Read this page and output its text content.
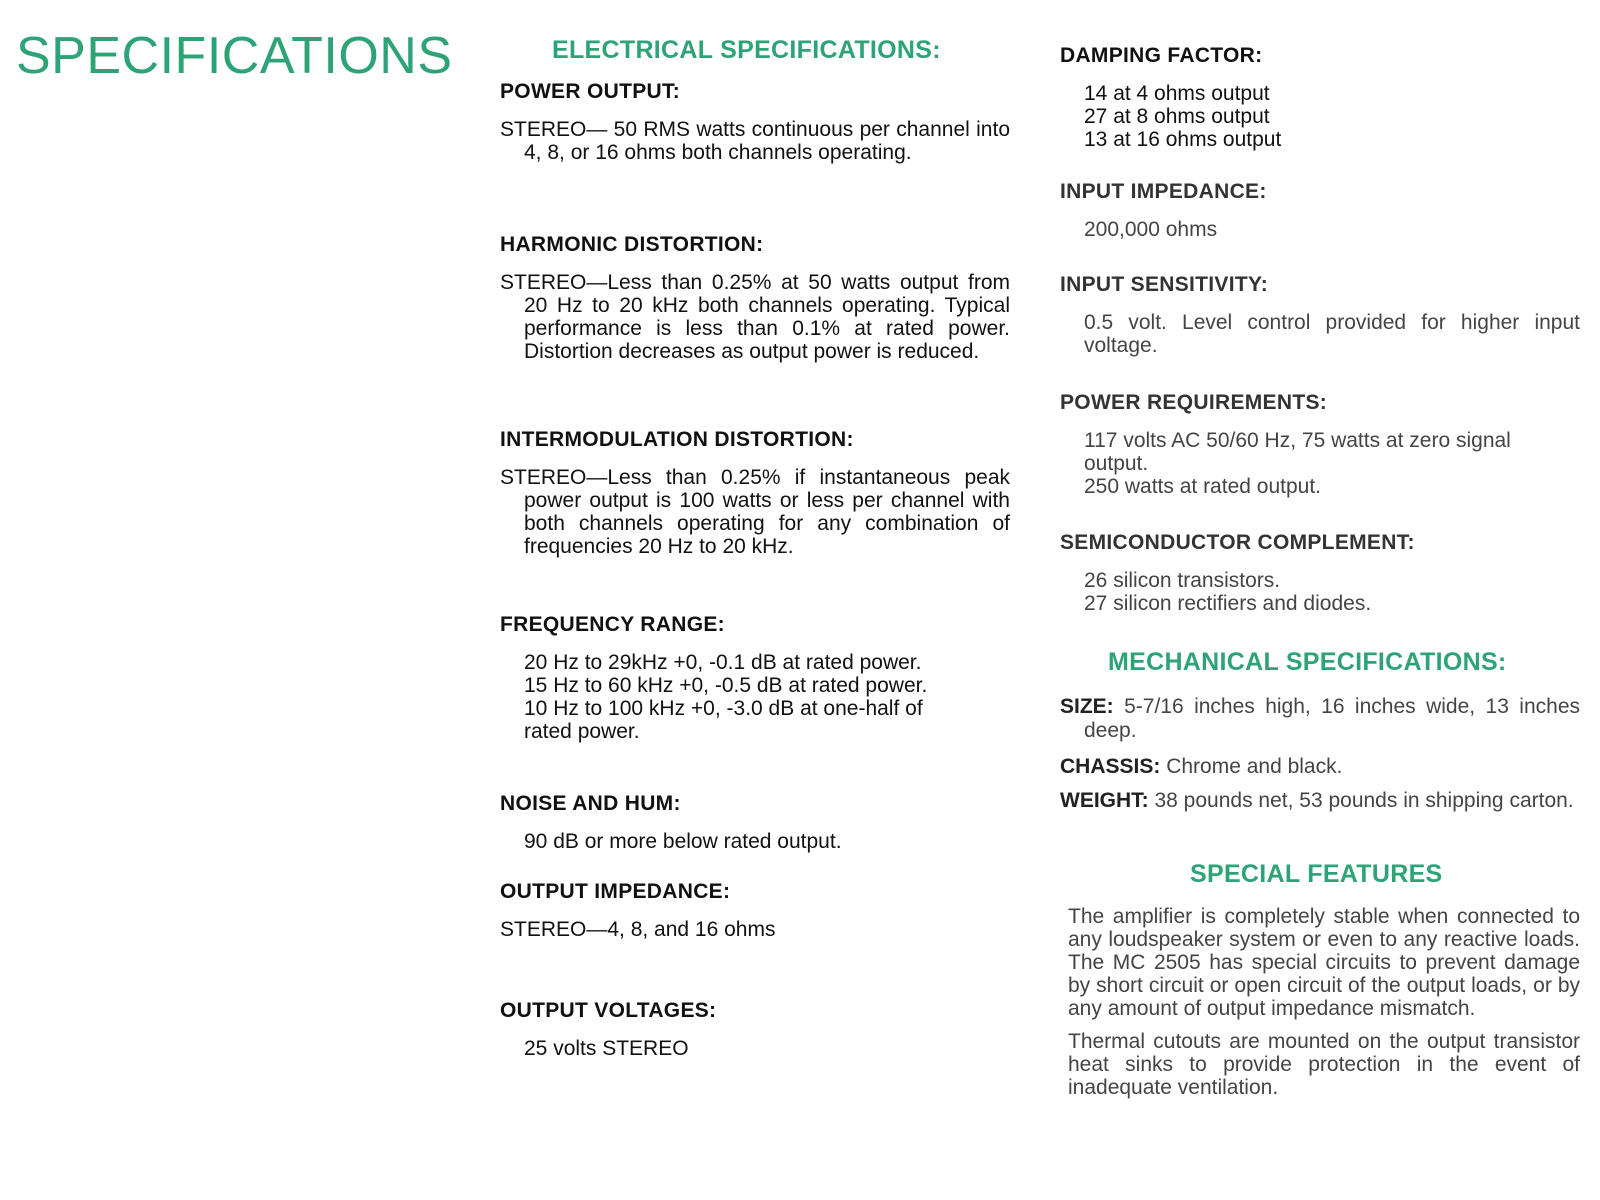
SPECIFICATIONS	ELECTRICAL SPECIFICATIONS:
POWER OUTPUT:

STEREO— 50 RMS watts continuous per channel into 4, 8, or 16 ohms both channels operating.

HARMONIC DISTORTION:

STEREO—Less than 0.25% at 50 watts output from 20 Hz to 20 kHz both channels operating. Typical performance is less than 0.1% at rated power. Distortion decreases as output power is reduced.

INTERMODULATION DISTORTION:

STEREO—Less than 0.25% if instantaneous peak power output is 100 watts or less per channel with both channels operating for any combination of frequencies 20 Hz to 20 kHz.

FREQUENCY RANGE:
20 Hz to 29kHz +0, -0.1 dB at rated power.
15 Hz to 60 kHz +0, -0.5 dB at rated power.
10 Hz to 100 kHz +0, -3.0 dB at one-half of
rated power.
NOISE AND HUM:
90 dB or more below rated output.
OUTPUT IMPEDANCE:
STEREO—4, 8, and 16 ohms
OUTPUT VOLTAGES:
25 volts STEREO
DAMPING FACTOR:
14 at 4 ohms output
27 at 8 ohms output
13 at 16 ohms output
INPUT IMPEDANCE:
200,000 ohms
INPUT SENSITIVITY:

0.5 volt. Level control provided for higher input voltage.

POWER REQUIREMENTS:
117 volts AC 50/60 Hz, 75 watts at zero signal
output.
250 watts at rated output.
SEMICONDUCTOR COMPLEMENT:
26 silicon transistors.
27 silicon rectifiers and diodes.
MECHANICAL SPECIFICATIONS:

SIZE: 5-7/16 inches high, 16 inches wide, 13 inches deep.

CHASSIS: Chrome and black.

WEIGHT: 38 pounds net, 53 pounds in shipping carton.

SPECIAL FEATURES

The amplifier is completely stable when connected to any loudspeaker system or even to any reactive loads. The MC 2505 has special circuits to prevent damage by short circuit or open circuit of the output loads, or by any amount of output impedance mismatch.

Thermal cutouts are mounted on the output transistor heat sinks to provide protection in the event of inadequate ventilation.
